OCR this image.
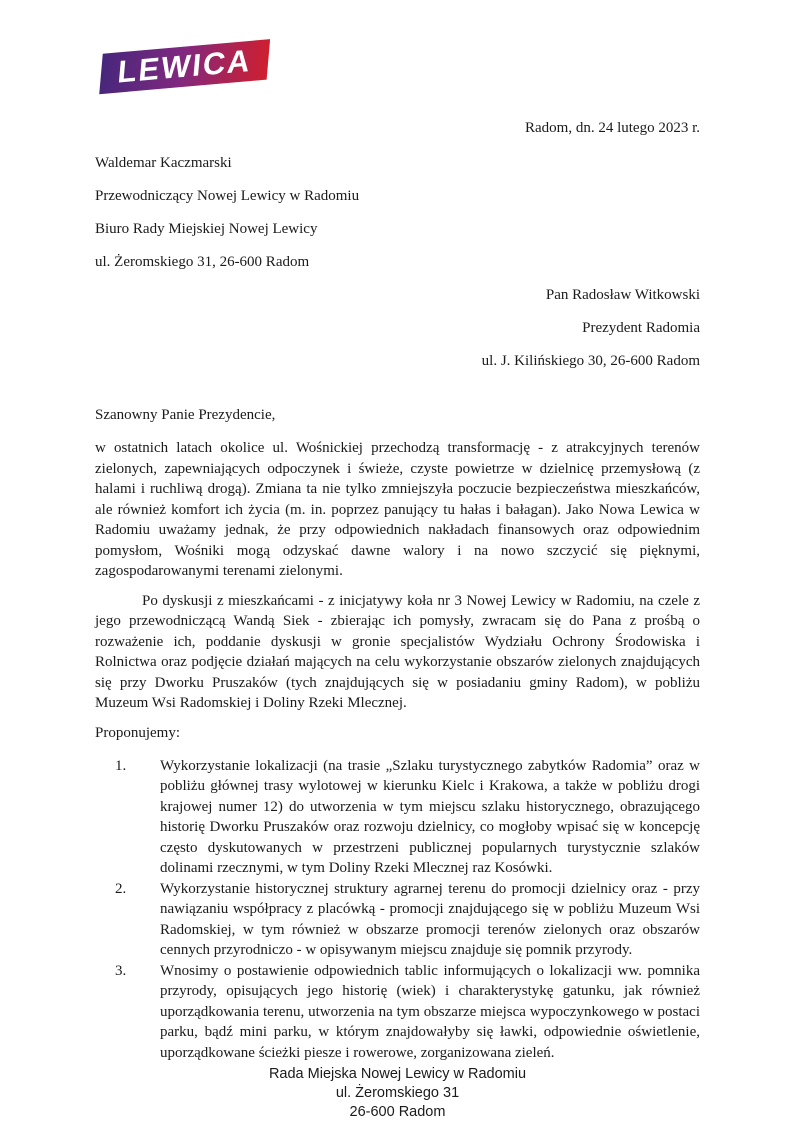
LEWICA
Radom, dn. 24 lutego 2023 r.
Waldemar Kaczmarski
Przewodniczący Nowej Lewicy w Radomiu
Biuro Rady Miejskiej Nowej Lewicy
ul. Żeromskiego 31, 26-600 Radom
Pan Radosław Witkowski
Prezydent Radomia
ul. J. Kilińskiego 30, 26-600 Radom

Szanowny Panie Prezydencie,

w ostatnich latach okolice ul. Wośnickiej przechodzą transformację - z atrakcyjnych terenów zielonych, zapewniających odpoczynek i świeże, czyste powietrze w dzielnicę przemysłową (z halami i ruchliwą drogą). Zmiana ta nie tylko zmniejszyła poczucie bezpieczeństwa mieszkańców, ale również komfort ich życia (m. in. poprzez panujący tu hałas i bałagan). Jako Nowa Lewica w Radomiu uważamy jednak, że przy odpowiednich nakładach finansowych oraz odpowiednim pomysłom, Wośniki mogą odzyskać dawne walory i na nowo szczycić się pięknymi, zagospodarowanymi terenami zielonymi.

Po dyskusji z mieszkańcami - z inicjatywy koła nr 3 Nowej Lewicy w Radomiu, na czele z jego przewodniczącą Wandą Siek - zbierając ich pomysły, zwracam się do Pana z prośbą o rozważenie ich, poddanie dyskusji w gronie specjalistów Wydziału Ochrony Środowiska i Rolnictwa oraz podjęcie działań mających na celu wykorzystanie obszarów zielonych znajdujących się przy Dworku Pruszaków (tych znajdujących się w posiadaniu gminy Radom), w pobliżu Muzeum Wsi Radomskiej i Doliny Rzeki Mlecznej.

Proponujemy:

1.	Wykorzystanie lokalizacji (na trasie „Szlaku turystycznego zabytków Radomia” oraz w pobliżu głównej trasy wylotowej w kierunku Kielc i Krakowa, a także w pobliżu drogi krajowej numer 12) do utworzenia w tym miejscu szlaku historycznego, obrazującego historię Dworku Pruszaków oraz rozwoju dzielnicy, co mogłoby wpisać się w koncepcję często dyskutowanych w przestrzeni publicznej popularnych turystycznie szlaków dolinami rzecznymi, w tym Doliny Rzeki Mlecznej raz Kosówki.
2.	Wykorzystanie historycznej struktury agrarnej terenu do promocji dzielnicy oraz - przy nawiązaniu współpracy z placówką - promocji znajdującego się w pobliżu Muzeum Wsi Radomskiej, w tym również w obszarze promocji terenów zielonych oraz obszarów cennych przyrodniczo - w opisywanym miejscu znajduje się pomnik przyrody.
3.	Wnosimy o postawienie odpowiednich tablic informujących o lokalizacji ww. pomnika przyrody, opisujących jego historię (wiek) i charakterystykę gatunku, jak również uporządkowania terenu, utworzenia na tym obszarze miejsca wypoczynkowego w postaci parku, bądź mini parku, w którym znajdowałyby się ławki, odpowiednie oświetlenie, uporządkowane ścieżki piesze i rowerowe, zorganizowana zieleń.
Rada Miejska Nowej Lewicy w Radomiu
ul. Żeromskiego 31
26-600 Radom
